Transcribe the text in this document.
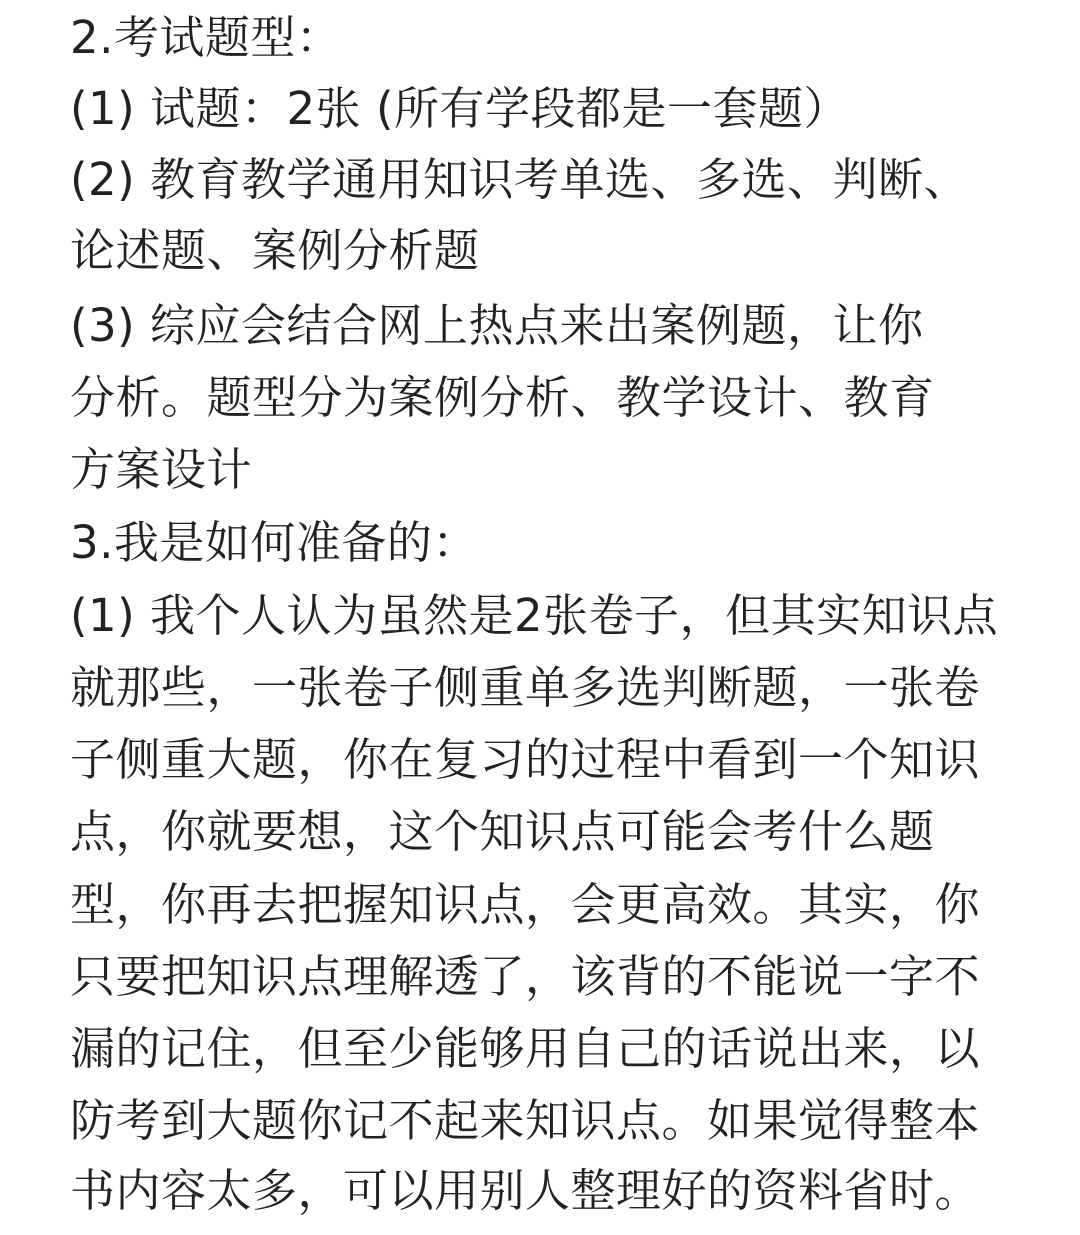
2.考试题型：
(1) 试题：2张 (所有学段都是一套题）
(2) 教育教学通用知识考单选、多选、判断、
论述题、案例分析题
(3) 综应会结合网上热点来出案例题，让你
分析。题型分为案例分析、教学设计、教育
方案设计
3.我是如何准备的：
(1) 我个人认为虽然是2张卷子，但其实知识点
就那些，一张卷子侧重单多选判断题，一张卷
子侧重大题，你在复习的过程中看到一个知识
点，你就要想，这个知识点可能会考什么题
型，你再去把握知识点，会更高效。其实，你
只要把知识点理解透了，该背的不能说一字不
漏的记住，但至少能够用自己的话说出来，以
防考到大题你记不起来知识点。如果觉得整本
书内容太多，可以用别人整理好的资料省时。
